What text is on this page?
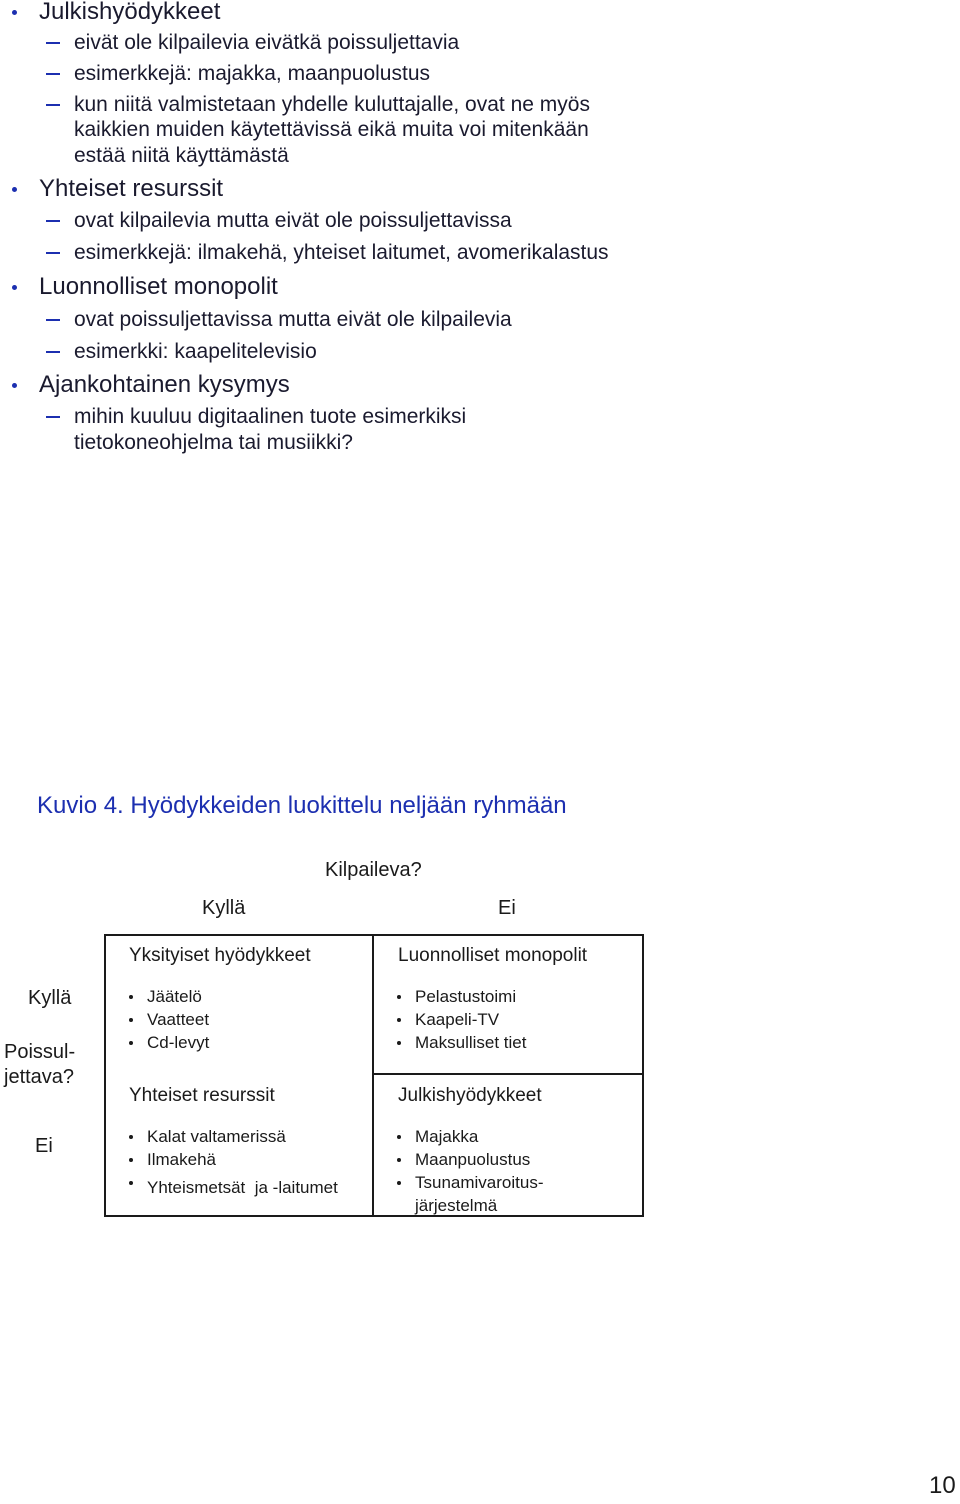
Julkishyödykkeet
eivät ole kilpailevia eivätkä poissuljettavia
esimerkkejä: majakka, maanpuolustus
kun niitä valmistetaan yhdelle kuluttajalle, ovat ne myös
kaikkien muiden käytettävissä eikä muita voi mitenkään
estää niitä käyttämästä
Yhteiset resurssit
ovat kilpailevia mutta eivät ole poissuljettavissa
esimerkkejä: ilmakehä, yhteiset laitumet, avomerikalastus
Luonnolliset monopolit
ovat poissuljettavissa mutta eivät ole kilpailevia
esimerkki: kaapelitelevisio
Ajankohtainen kysymys
mihin kuuluu digitaalinen tuote esimerkiksi
tietokoneohjelma tai musiikki?
Kuvio 4. Hyödykkeiden luokittelu neljään ryhmään
Kilpaileva?
Kyllä	Ei
Kyllä
Poissul-
jettava?
Ei
Yksityiset hyödykkeet
Jäätelö
Vaatteet
Cd-levyt
Luonnolliset monopolit
Pelastustoimi
Kaapeli-TV
Maksulliset tiet
Yhteiset resurssit
Kalat valtamerissä
Ilmakehä
Yhteismetsät  ja -laitumet
Julkishyödykkeet
Majakka
Maanpuolustus
Tsunamivaroitus-
järjestelmä
10
